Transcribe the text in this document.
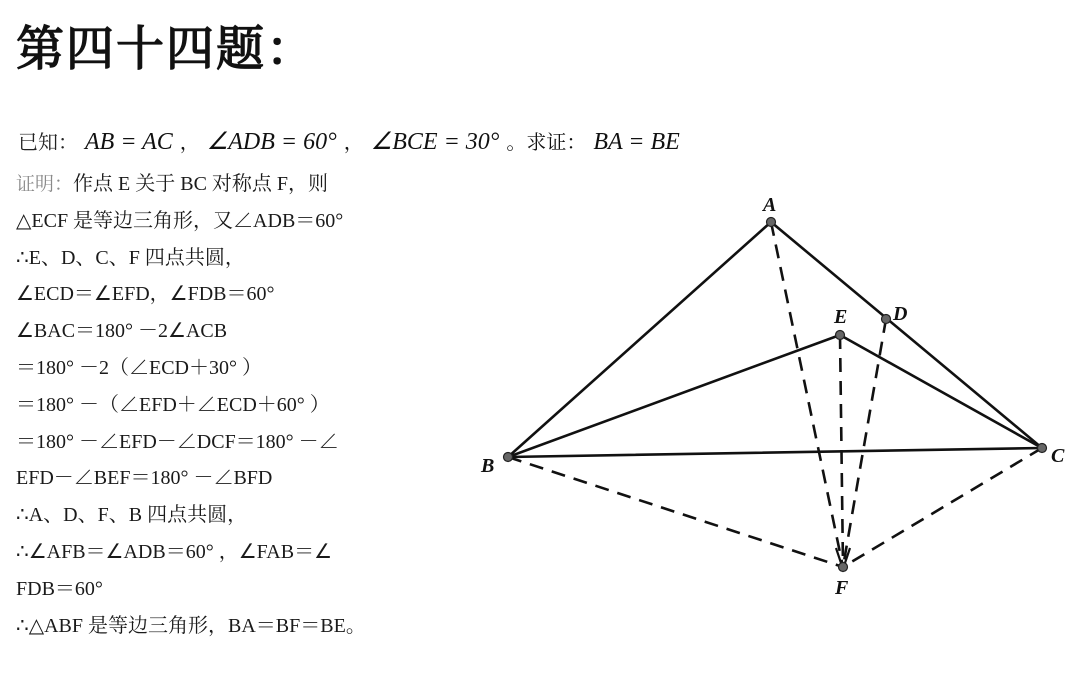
第四十四题：
已知： AB = AC ， ∠ADB = 60° ， ∠BCE = 30° 。求证： BA = BE
证明：作点 E 关于 BC 对称点 F，则
△ECF 是等边三角形，又∠ADB＝60°
∴E、D、C、F 四点共圆，
∠ECD＝∠EFD，∠FDB＝60°
∠BAC＝180° －2∠ACB
＝180° －2（∠ECD＋30° ）
＝180° －（∠EFD＋∠ECD＋60° ）
＝180° －∠EFD－∠DCF＝180° －∠
EFD－∠BEF＝180° －∠BFD
∴A、D、F、B 四点共圆，
∴∠AFB＝∠ADB＝60° ，∠FAB＝∠
FDB＝60°
∴△ABF 是等边三角形，BA＝BF＝BE。
A
B	C
D
E
F
